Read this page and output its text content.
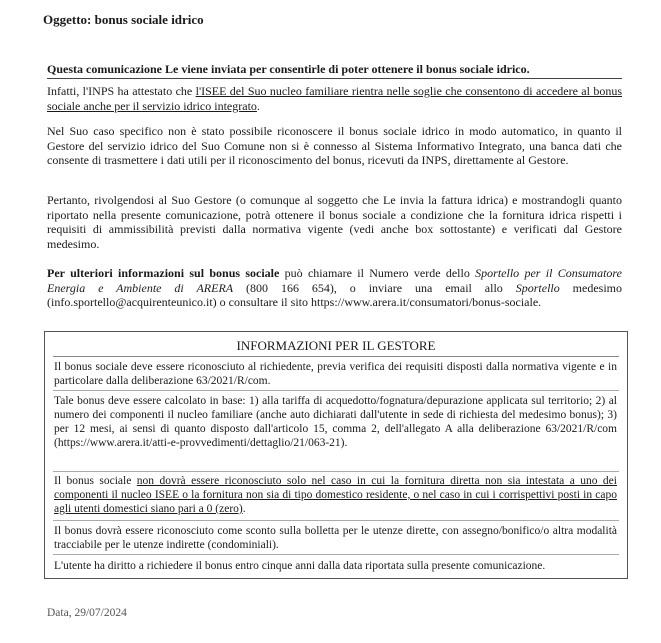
Oggetto: bonus sociale idrico
Questa comunicazione Le viene inviata per consentirle di poter ottenere il bonus sociale idrico.

Infatti, l'INPS ha attestato che l'ISEE del Suo nucleo familiare rientra nelle soglie che consentono di accedere al bonus sociale anche per il servizio idrico integrato.

Nel Suo caso specifico non è stato possibile riconoscere il bonus sociale idrico in modo automatico, in quanto il Gestore del servizio idrico del Suo Comune non si è connesso al Sistema Informativo Integrato, una banca dati che consente di trasmettere i dati utili per il riconoscimento del bonus, ricevuti da INPS, direttamente al Gestore.

Pertanto, rivolgendosi al Suo Gestore (o comunque al soggetto che Le invia la fattura idrica) e mostrandogli quanto riportato nella presente comunicazione, potrà ottenere il bonus sociale a condizione che la fornitura idrica rispetti i requisiti di ammissibilità previsti dalla normativa vigente (vedi anche box sottostante) e verificati dal Gestore medesimo.

Per ulteriori informazioni sul bonus sociale può chiamare il Numero verde dello Sportello per il Consumatore Energia e Ambiente di ARERA (800 166 654), o inviare una email allo Sportello medesimo (info.sportello@acquirenteunico.it) o consultare il sito https://www.arera.it/consumatori/bonus-sociale.

INFORMAZIONI PER IL GESTORE

Il bonus sociale deve essere riconosciuto al richiedente, previa verifica dei requisiti disposti dalla normativa vigente e in particolare dalla deliberazione 63/2021/R/com.

Tale bonus deve essere calcolato in base: 1) alla tariffa di acquedotto/fognatura/depurazione applicata sul territorio; 2) al numero dei componenti il nucleo familiare (anche auto dichiarati dall'utente in sede di richiesta del medesimo bonus); 3) per 12 mesi, ai sensi di quanto disposto dall'articolo 15, comma 2, dell'allegato A alla deliberazione 63/2021/R/com (https://www.arera.it/atti-e-provvedimenti/dettaglio/21/063-21).

Il bonus sociale non dovrà essere riconosciuto solo nel caso in cui la fornitura diretta non sia intestata a uno dei componenti il nucleo ISEE o la fornitura non sia di tipo domestico residente, o nel caso in cui i corrispettivi posti in capo agli utenti domestici siano pari a 0 (zero).

Il bonus dovrà essere riconosciuto come sconto sulla bolletta per le utenze dirette, con assegno/bonifico/o altra modalità tracciabile per le utenze indirette (condominiali).

L'utente ha diritto a richiedere il bonus entro cinque anni dalla data riportata sulla presente comunicazione.

Data, 29/07/2024
